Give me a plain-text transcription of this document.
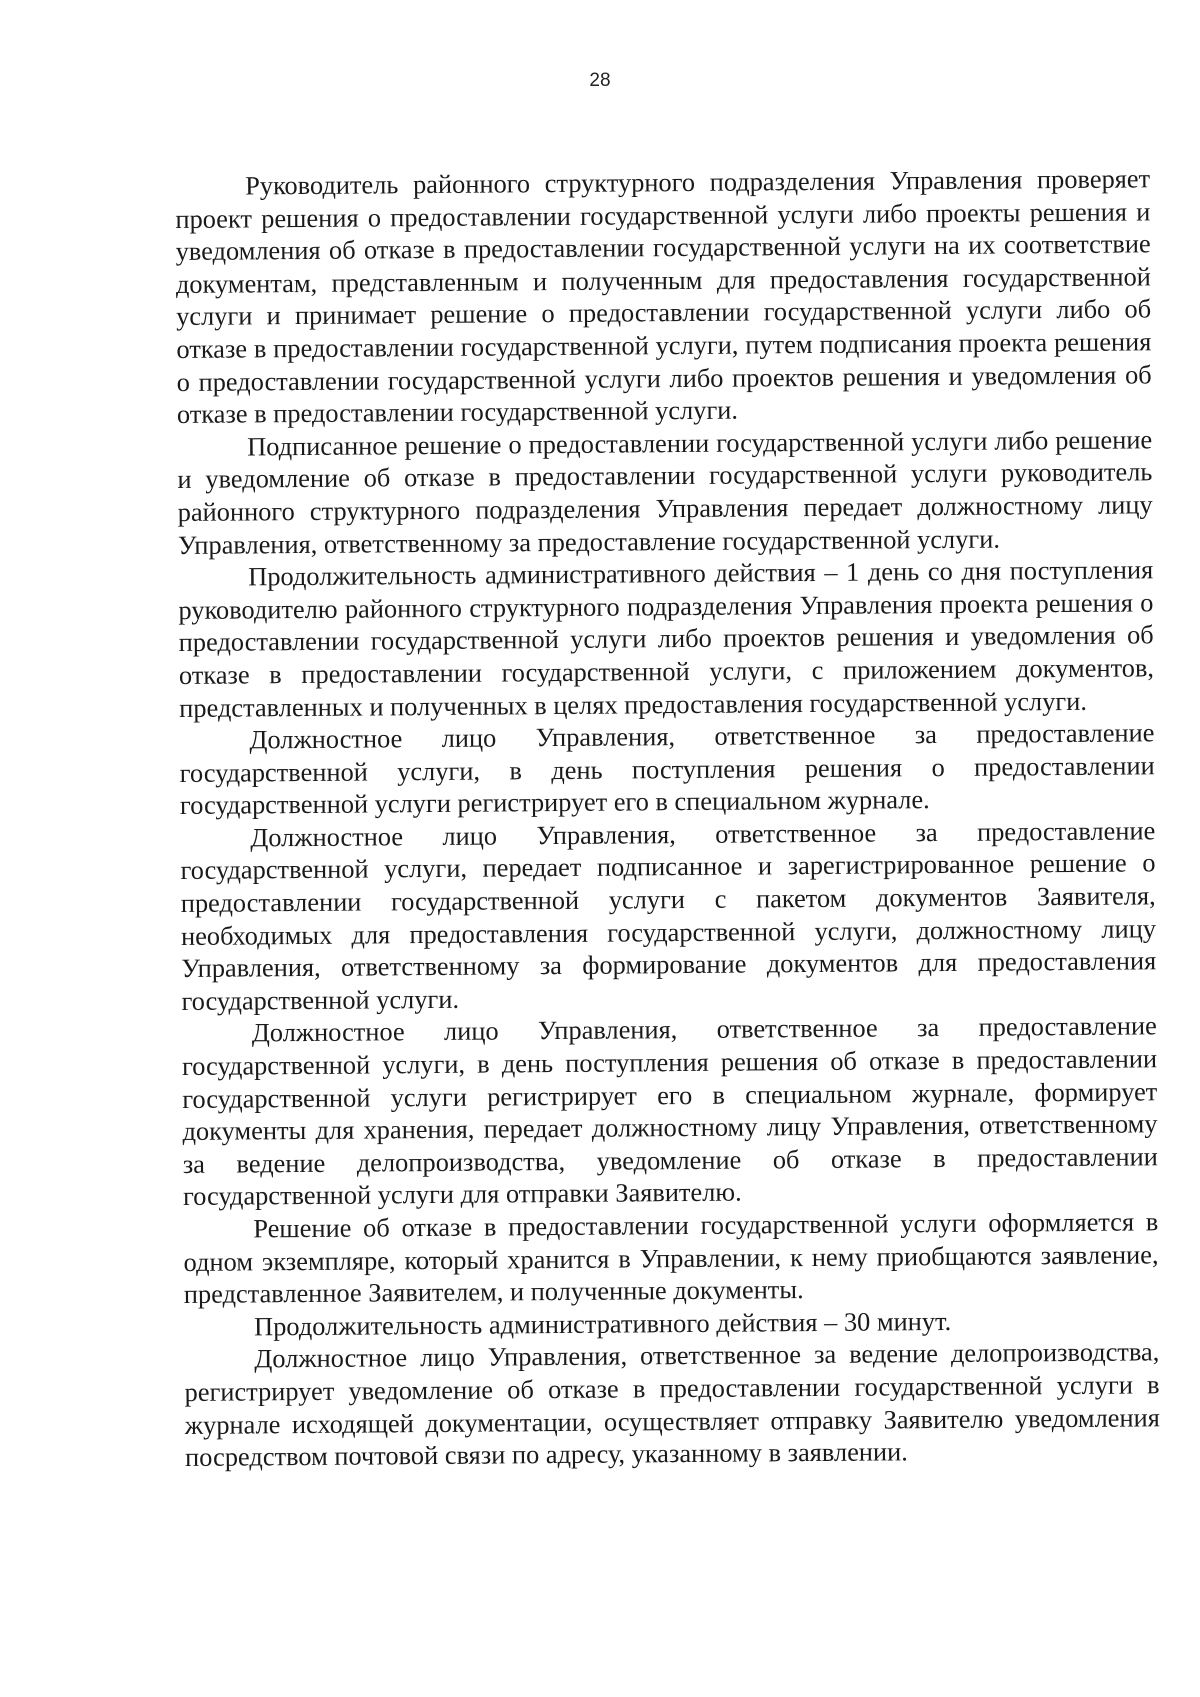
28

Руководитель районного структурного подразделения Управления проверяет проект решения о предоставлении государственной услуги либо проекты решения и уведомления об отказе в предоставлении государственной услуги на их соответствие документам, представленным и полученным для предоставления государственной услуги и принимает решение о предоставлении государственной услуги либо об отказе в предоставлении государственной услуги, путем подписания проекта решения о предоставлении государственной услуги либо проектов решения и уведомления об отказе в предоставлении государственной услуги.

Подписанное решение о предоставлении государственной услуги либо решение и уведомление об отказе в предоставлении государственной услуги руководитель районного структурного подразделения Управления передает должностному лицу Управления, ответственному за предоставление государственной услуги.

Продолжительность административного действия – 1 день со дня поступления руководителю районного структурного подразделения Управления проекта решения о предоставлении государственной услуги либо проектов решения и уведомления об отказе в предоставлении государственной услуги, с приложением документов, представленных и полученных в целях предоставления государственной услуги.

Должностное лицо Управления, ответственное за предоставление государственной услуги, в день поступления решения о предоставлении государственной услуги регистрирует его в специальном журнале.

Должностное лицо Управления, ответственное за предоставление государственной услуги, передает подписанное и зарегистрированное решение о предоставлении государственной услуги с пакетом документов Заявителя, необходимых для предоставления государственной услуги, должностному лицу Управления, ответственному за формирование документов для предоставления государственной услуги.

Должностное лицо Управления, ответственное за предоставление государственной услуги, в день поступления решения об отказе в предоставлении государственной услуги регистрирует его в специальном журнале, формирует документы для хранения, передает должностному лицу Управления, ответственному за ведение делопроизводства, уведомление об отказе в предоставлении государственной услуги для отправки Заявителю.

Решение об отказе в предоставлении государственной услуги оформляется в одном экземпляре, который хранится в Управлении, к нему приобщаются заявление, представленное Заявителем, и полученные документы.

Продолжительность административного действия – 30 минут.

Должностное лицо Управления, ответственное за ведение делопроизводства, регистрирует уведомление об отказе в предоставлении государственной услуги в журнале исходящей документации, осуществляет отправку Заявителю уведомления посредством почтовой связи по адресу, указанному в заявлении.
